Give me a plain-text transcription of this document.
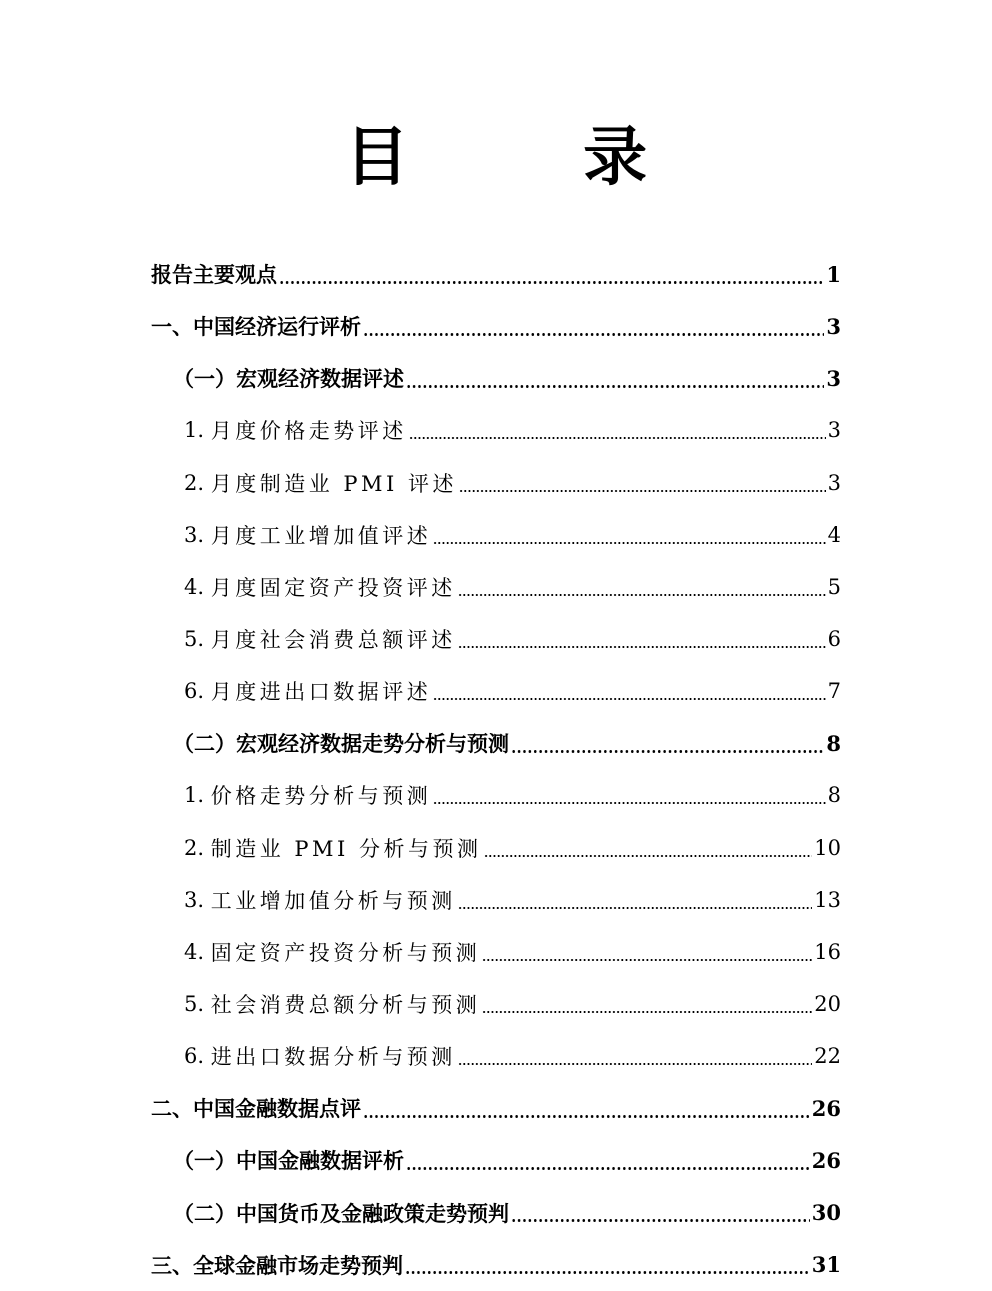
目 录
报告主要观点	1
一、中国经济运行评析	3
（一）宏观经济数据评述	3
1. 月度价格走势评述	3
2. 月度制造业 PMI 评述	3
3. 月度工业增加值评述	4
4. 月度固定资产投资评述	5
5. 月度社会消费总额评述	6
6. 月度进出口数据评述	7
（二）宏观经济数据走势分析与预测	8
1. 价格走势分析与预测	8
2. 制造业 PMI 分析与预测	10
3. 工业增加值分析与预测	13
4. 固定资产投资分析与预测	16
5. 社会消费总额分析与预测	20
6. 进出口数据分析与预测	22
二、中国金融数据点评	26
（一）中国金融数据评析	26
（二）中国货币及金融政策走势预判	30
三、全球金融市场走势预判	31
